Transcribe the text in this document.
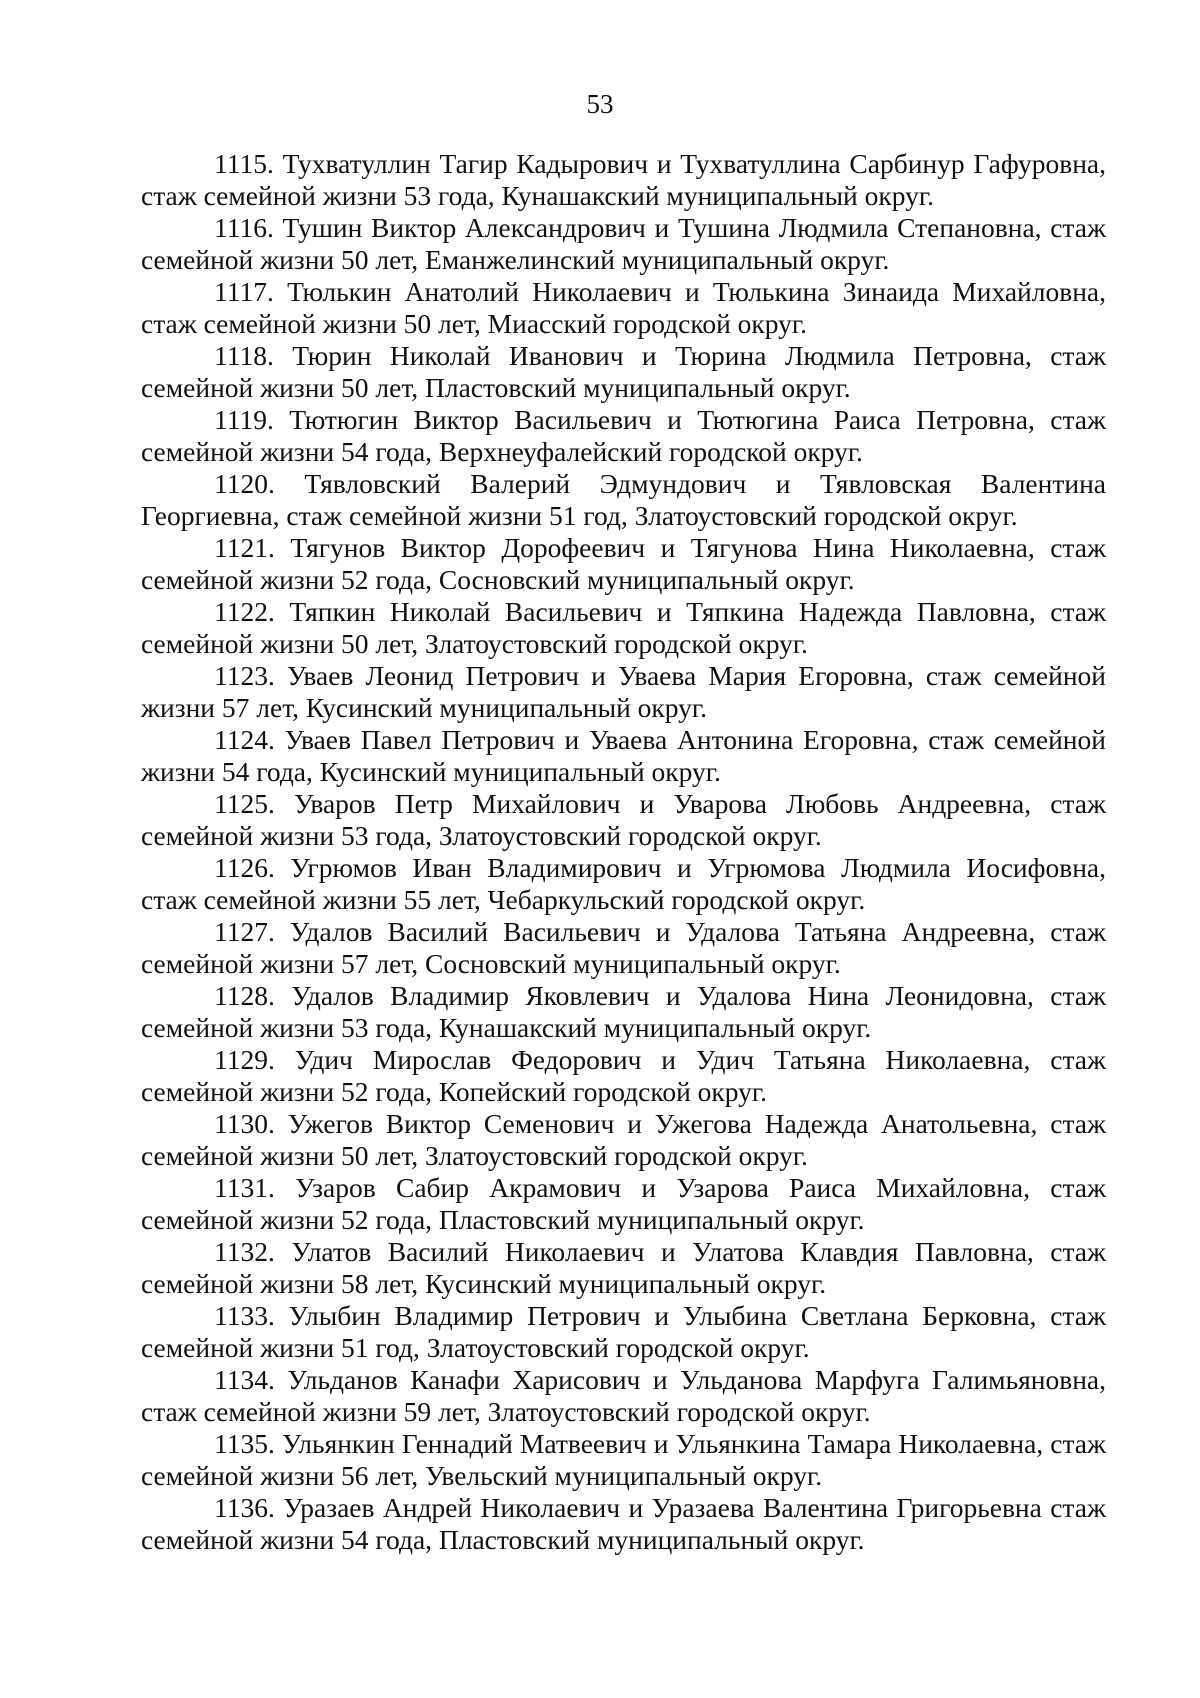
53

1115. Тухватуллин Тагир Кадырович и Тухватуллина Сарбинур Гафуровна, стаж семейной жизни 53 года, Кунашакский муниципальный округ.

1116. Тушин Виктор Александрович и Тушина Людмила Степановна, стаж семейной жизни 50 лет, Еманжелинский муниципальный округ.

1117. Тюлькин Анатолий Николаевич и Тюлькина Зинаида Михайловна, стаж семейной жизни 50 лет, Миасский городской округ.

1118. Тюрин Николай Иванович и Тюрина Людмила Петровна, стаж семейной жизни 50 лет, Пластовский муниципальный округ.

1119. Тютюгин Виктор Васильевич и Тютюгина Раиса Петровна, стаж семейной жизни 54 года, Верхнеуфалейский городской округ.

1120. Тявловский Валерий Эдмундович и Тявловская Валентина Георгиевна, стаж семейной жизни 51 год, Златоустовский городской округ.

1121. Тягунов Виктор Дорофеевич и Тягунова Нина Николаевна, стаж семейной жизни 52 года, Сосновский муниципальный округ.

1122. Тяпкин Николай Васильевич и Тяпкина Надежда Павловна, стаж семейной жизни 50 лет, Златоустовский городской округ.

1123. Уваев Леонид Петрович и Уваева Мария Егоровна, стаж семейной жизни 57 лет, Кусинский муниципальный округ.

1124. Уваев Павел Петрович и Уваева Антонина Егоровна, стаж семейной жизни 54 года, Кусинский муниципальный округ.

1125. Уваров Петр Михайлович и Уварова Любовь Андреевна, стаж семейной жизни 53 года, Златоустовский городской округ.

1126. Угрюмов Иван Владимирович и Угрюмова Людмила Иосифовна, стаж семейной жизни 55 лет, Чебаркульский городской округ.

1127. Удалов Василий Васильевич и Удалова Татьяна Андреевна, стаж семейной жизни 57 лет, Сосновский муниципальный округ.

1128. Удалов Владимир Яковлевич и Удалова Нина Леонидовна, стаж семейной жизни 53 года, Кунашакский муниципальный округ.

1129. Удич Мирослав Федорович и Удич Татьяна Николаевна, стаж семейной жизни 52 года, Копейский городской округ.

1130. Ужегов Виктор Семенович и Ужегова Надежда Анатольевна, стаж семейной жизни 50 лет, Златоустовский городской округ.

1131. Узаров Сабир Акрамович и Узарова Раиса Михайловна, стаж семейной жизни 52 года, Пластовский муниципальный округ.

1132. Улатов Василий Николаевич и Улатова Клавдия Павловна, стаж семейной жизни 58 лет, Кусинский муниципальный округ.

1133. Улыбин Владимир Петрович и Улыбина Светлана Берковна, стаж семейной жизни 51 год, Златоустовский городской округ.

1134. Ульданов Канафи Харисович и Ульданова Марфуга Галимьяновна, стаж семейной жизни 59 лет, Златоустовский городской округ.

1135. Ульянкин Геннадий Матвеевич и Ульянкина Тамара Николаевна, стаж семейной жизни 56 лет, Увельский муниципальный округ.

1136. Уразаев Андрей Николаевич и Уразаева Валентина Григорьевна стаж семейной жизни 54 года, Пластовский муниципальный округ.
